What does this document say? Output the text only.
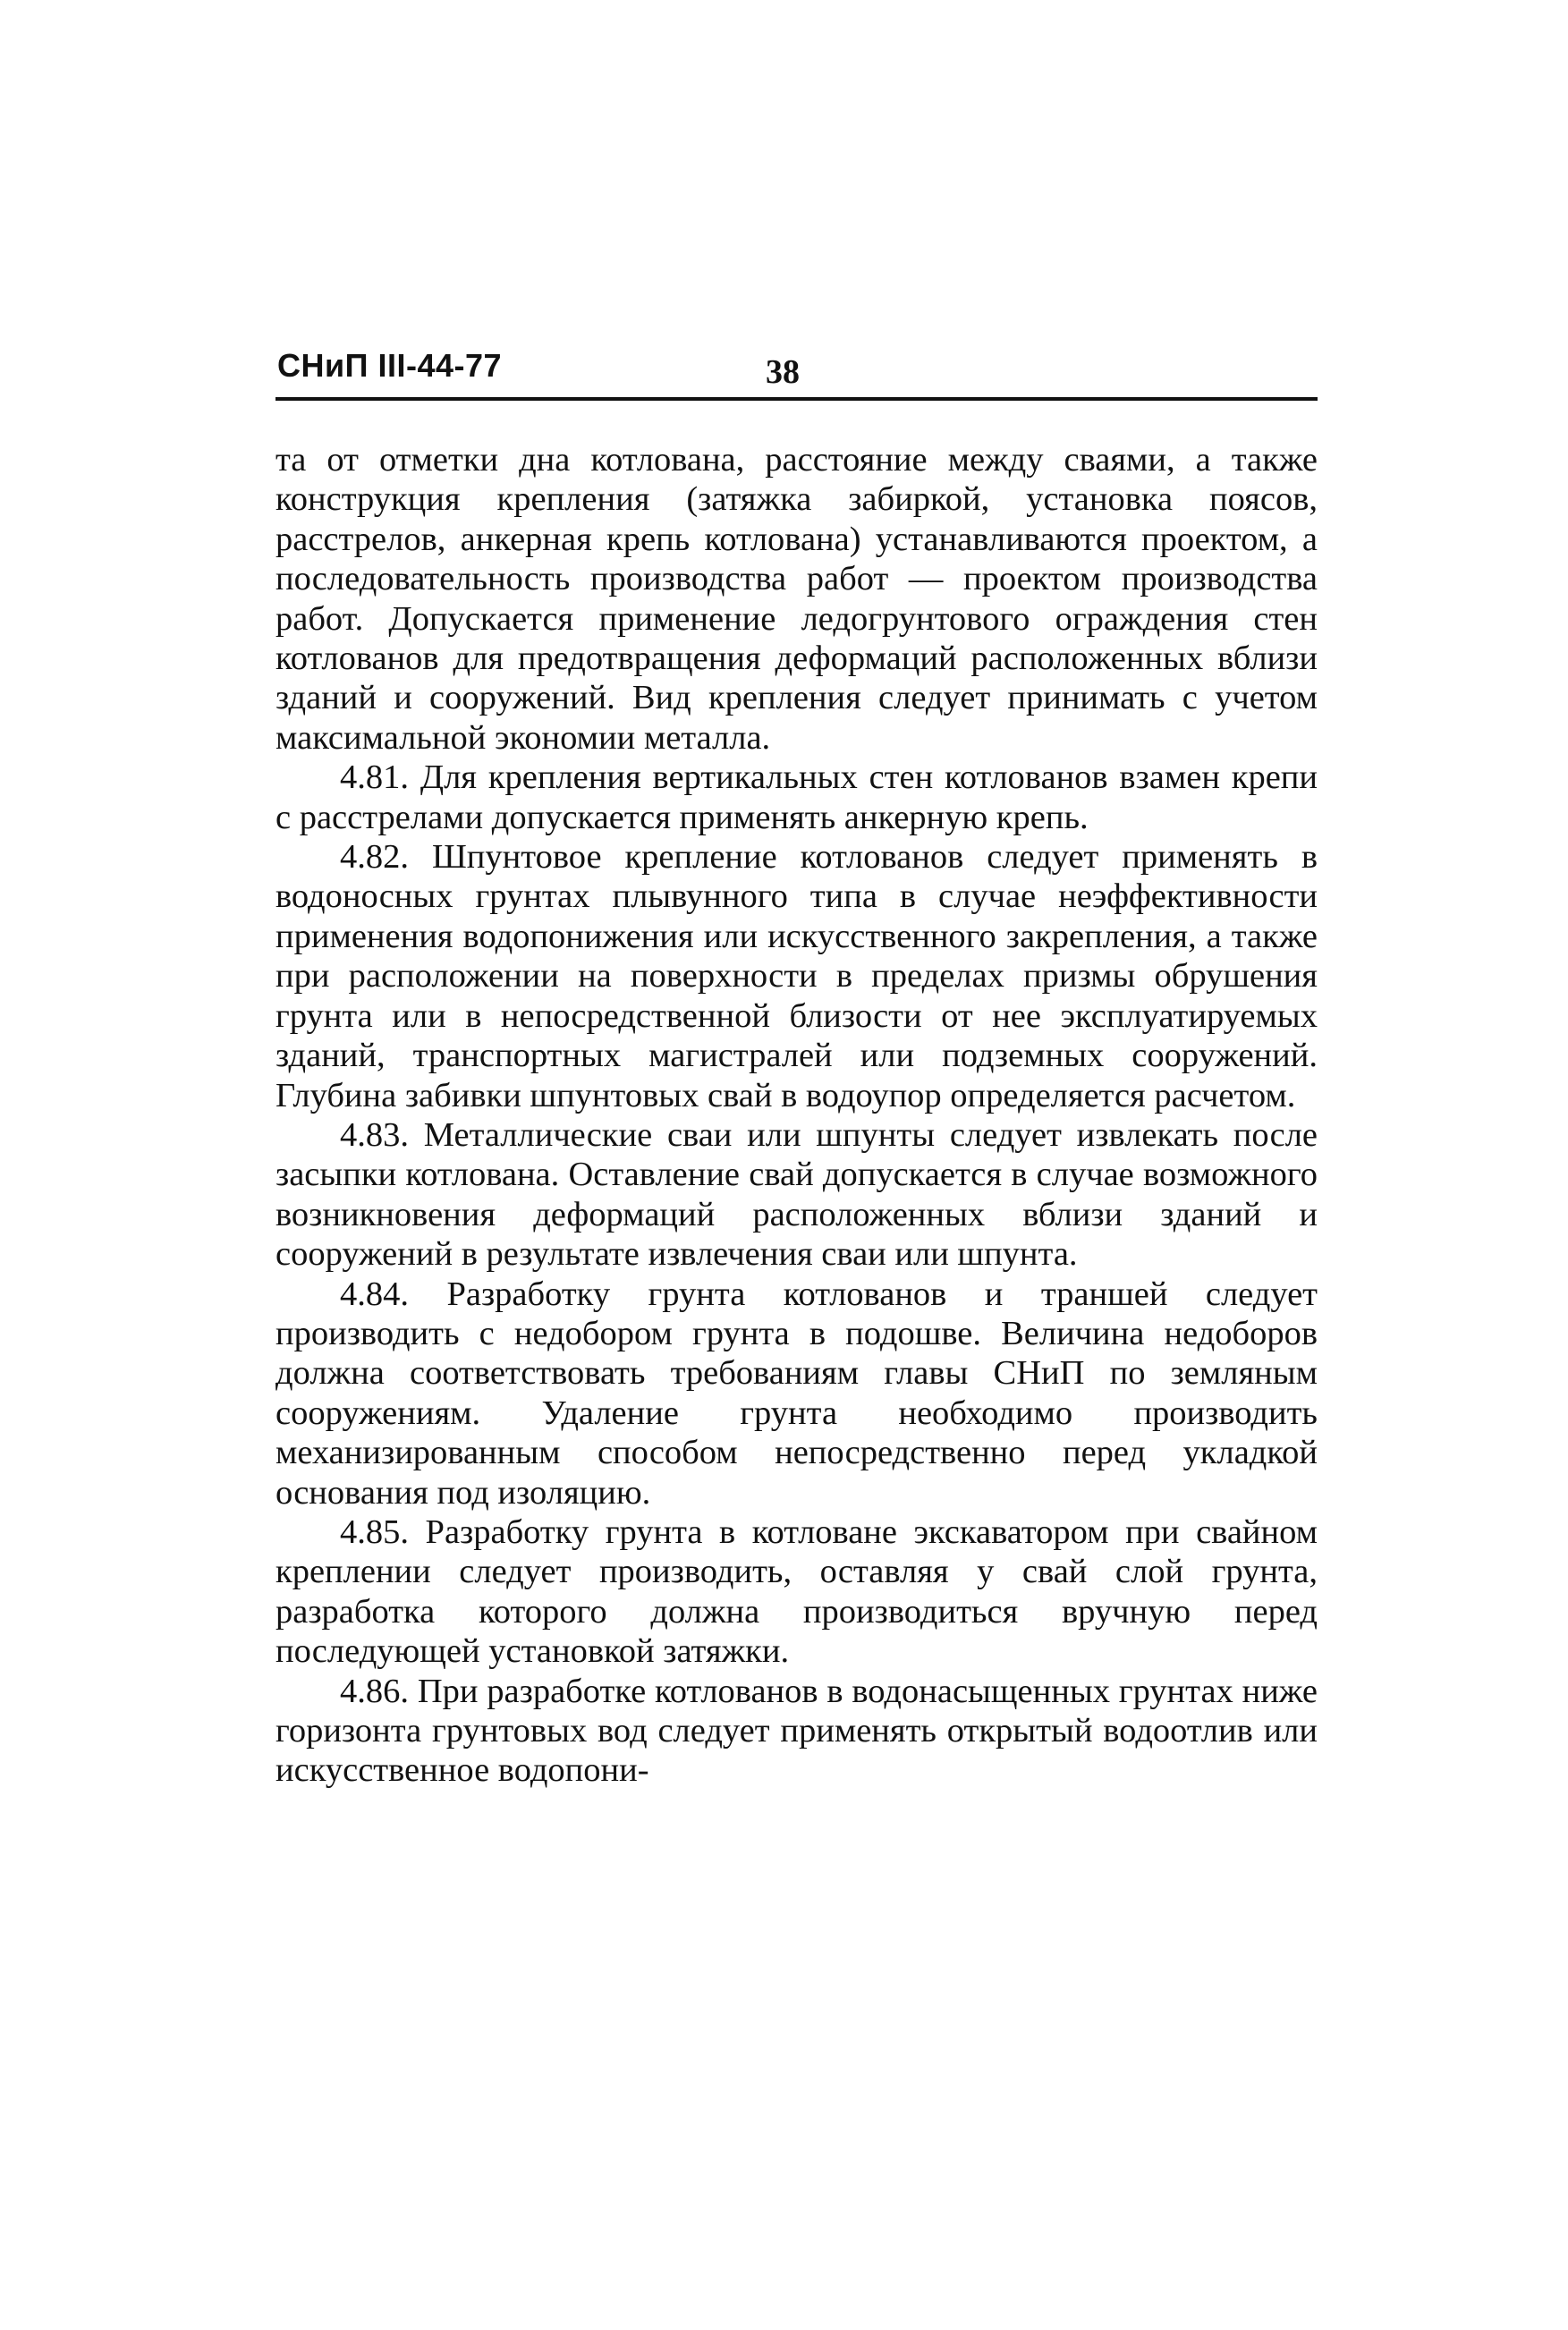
СНиП III-44-77	38

та от отметки дна котлована, расстояние между сваями, а также конструкция крепления (затяжка забиркой, установка поясов, расстрелов, анкерная крепь котлована) устанавливаются проектом, а последовательность производства работ — проектом производства работ. Допускается применение ледогрунтового ограждения стен котлованов для предотвращения деформаций расположенных вблизи зданий и сооружений. Вид крепления следует принимать с учетом максимальной экономии металла.

4.81. Для крепления вертикальных стен котлованов взамен крепи с расстрелами допускается применять анкерную крепь.

4.82. Шпунтовое крепление котлованов следует применять в водоносных грунтах плывунного типа в случае неэффективности применения водопонижения или искусственного закрепления, а также при расположении на поверхности в пределах призмы обрушения грунта или в непосредственной близости от нее эксплуатируемых зданий, транспортных магистралей или подземных сооружений. Глубина забивки шпунтовых свай в водоупор определяется расчетом.

4.83. Металлические сваи или шпунты следует извлекать после засыпки котлована. Оставление свай допускается в случае возможного возникновения деформаций расположенных вблизи зданий и сооружений в результате извлечения сваи или шпунта.

4.84. Разработку грунта котлованов и траншей следует производить с недобором грунта в подошве. Величина недоборов должна соответствовать требованиям главы СНиП по земляным сооружениям. Удаление грунта необходимо производить механизированным способом непосредственно перед укладкой основания под изоляцию.

4.85. Разработку грунта в котловане экскаватором при свайном креплении следует производить, оставляя у свай слой грунта, разработка которого должна производиться вручную перед последующей установкой затяжки.

4.86. При разработке котлованов в водонасыщенных грунтах ниже горизонта грунтовых вод следует применять открытый водоотлив или искусственное водопони-
